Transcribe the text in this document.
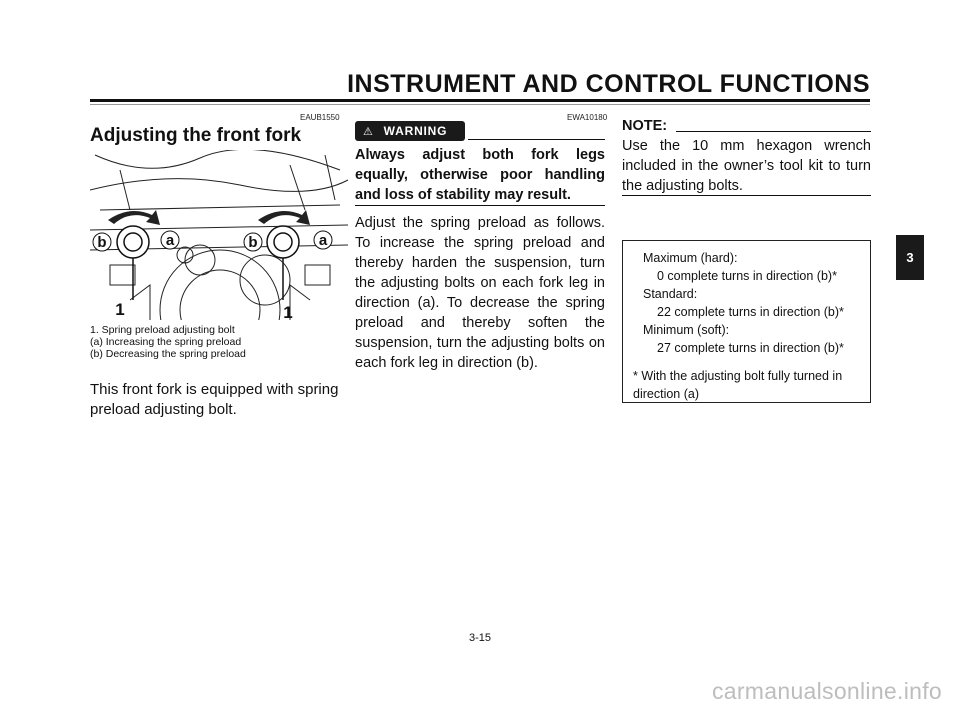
INSTRUMENT AND CONTROL FUNCTIONS
EAUB1550
Adjusting the front fork
b	a	b	a
1	1
1. Spring preload adjusting bolt
(a) Increasing the spring preload
(b) Decreasing the spring preload
This front fork is equipped with spring preload adjusting bolt.
EWA10180
⚠ WARNING
Always adjust both fork legs equally, otherwise poor handling and loss of stability may result.
Adjust the spring preload as follows. To increase the spring preload and thereby harden the suspension, turn the adjusting bolts on each fork leg in direction (a). To decrease the spring preload and thereby soften the suspension, turn the adjusting bolts on each fork leg in direction (b).
NOTE:
Use the 10 mm hexagon wrench included in the owner’s tool kit to turn the adjusting bolts.
Maximum (hard):
0 complete turns in direction (b)*
Standard:
22 complete turns in direction (b)*
Minimum (soft):
27 complete turns in direction (b)*
* With the adjusting bolt fully turned in direction (a)
3
3-15
carmanualsonline.info
